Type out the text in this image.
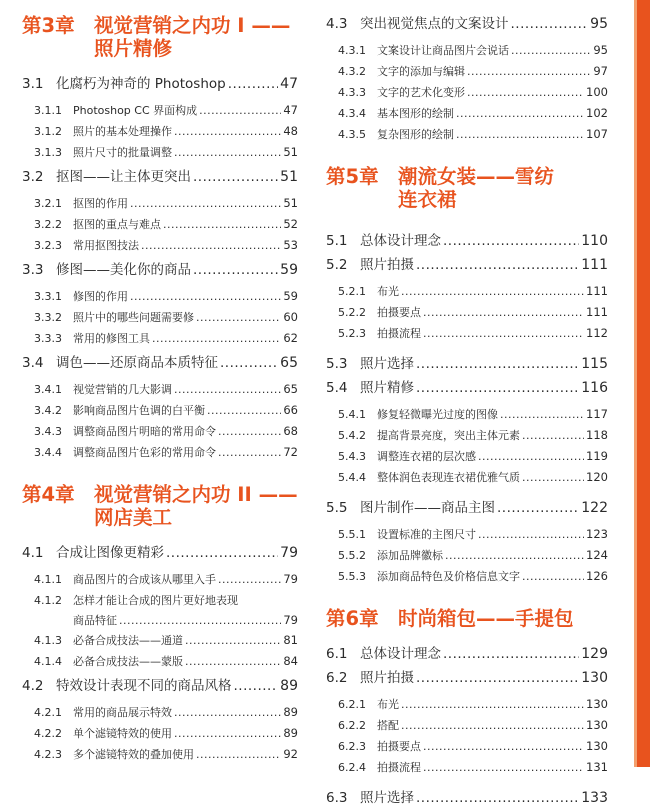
第3章 视觉营销之内功 I ——
照片精修
3.1 化腐朽为神奇的 Photoshop .....	47
3.1.1	Photoshop CC 界面构成 .....	47
3.1.2	照片的基本处理操作 .....	48
3.1.3	照片尺寸的批量调整 .....	51
3.2 抠图——让主体更突出 .....	51
3.2.1	抠图的作用 .....	51
3.2.2	抠图的重点与难点 .....	52
3.2.3	常用抠图技法 .....	53
3.3 修图——美化你的商品 .....	59
3.3.1	修图的作用 .....	59
3.3.2	照片中的哪些问题需要修 .....	60
3.3.3	常用的修图工具 .....	62
3.4 调色——还原商品本质特征 .....	65
3.4.1	视觉营销的几大影调 .....	65
3.4.2	影响商品图片色调的白平衡 .....	66
3.4.3	调整商品图片明暗的常用命令 .....	68
3.4.4	调整商品图片色彩的常用命令 .....	72
第4章 视觉营销之内功 II ——
网店美工
4.1 合成让图像更精彩 .....	79
4.1.1	商品图片的合成该从哪里入手 .....	79
4.1.2	怎样才能让合成的图片更好地表现
商品特征 .....	79
4.1.3	必备合成技法——通道 .....	81
4.1.4	必备合成技法——蒙版 .....	84
4.2 特效设计表现不同的商品风格 .....	89
4.2.1	常用的商品展示特效 .....	89
4.2.2	单个滤镜特效的使用 .....	89
4.2.3	多个滤镜特效的叠加使用 .....	92
4.3 突出视觉焦点的文案设计 .....	95
4.3.1	文案设计让商品图片会说话 .....	95
4.3.2	文字的添加与编辑 .....	97
4.3.3	文字的艺术化变形 .....	100
4.3.4	基本图形的绘制 .....	102
4.3.5	复杂图形的绘制 .....	107
第5章 潮流女装——雪纺
连衣裙
5.1 总体设计理念 .....	110
5.2 照片拍摄 .....	111
5.2.1	布光 .....	111
5.2.2	拍摄要点 .....	111
5.2.3	拍摄流程 .....	112
5.3 照片选择 .....	115
5.4 照片精修 .....	116
5.4.1	修复轻微曝光过度的图像 .....	117
5.4.2	提高背景亮度，突出主体元素 .....	118
5.4.3	调整连衣裙的层次感 .....	119
5.4.4	整体润色表现连衣裙优雅气质 .....	120
5.5 图片制作——商品主图 .....	122
5.5.1	设置标准的主图尺寸 .....	123
5.5.2	添加品牌徽标 .....	124
5.5.3	添加商品特色及价格信息文字 .....	126
第6章 时尚箱包——手提包
6.1 总体设计理念 .....	129
6.2 照片拍摄 .....	130
6.2.1	布光 .....	130
6.2.2	搭配 .....	130
6.2.3	拍摄要点 .....	130
6.2.4	拍摄流程 .....	131
6.3 照片选择 .....	133
